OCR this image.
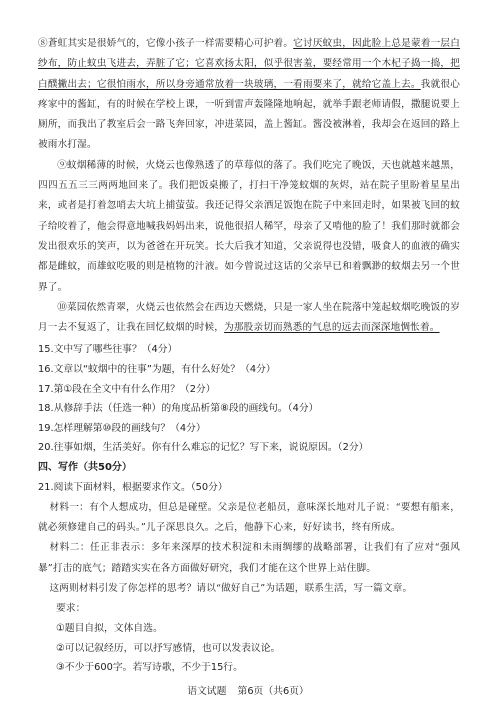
⑧蒼虹其实是很娇气的，它像小孩子一样需要精心可护着。它讨厌蚊虫，因此脸上总是蒙着一层白纱布，防止蚊虫飞进去，弄脏了它；它喜欢扬太阳，似乎很害羞，要经常用一个木杞子捣一捣，把白醭撇出去；它很怕雨水，所以身旁通常放着一块玻璃，一看雨要来了，就给它盖上去。我就很心疼家中的酱缸，有的时候在学校上课，一听到雷声轰隆隆地响起，就举手跟老师请假，撒腿说要上厕所，而我出了教室后会一路飞奔回家，冲进菜园，盖上酱缸。酱没被淋着，我却会在返回的路上被雨水打湿。

⑨蚊烟稀薄的时候，火烧云也像熟透了的草莓似的落了。我们吃完了晚饭，天也就越来越黑，四四五五三三两两地回来了。我们把饭桌搬了，打扫干净笼蚊烟的灰烬，站在院子里盼着星星出来，或者是打着忽哨去大坑上捕萤萤。我还记得父亲洒足饭饱在院子中来回走时，如果被飞回的蚊子给咬着了，他会得意地喊我妈妈出来，说他很招人稀罕，母亲了又啃他的脸了！我们那时就都会发出很欢乐的笑声，以为爸爸在开玩笑。长大后我才知道，父亲说得也没错，吸食人的血液的确实都是雌蚊，而雄蚊吃吸的则是植物的汁液。如今曾说过这话的父亲早已和着飘渺的蚊烟去另一个世界了。

⑩菜园依然青翠，火烧云也依然会在西边天燃烧，只是一家人坐在院落中笼起蚊烟吃晚饭的岁月一去不复返了，让我在回忆蚊烟的时候，为那股亲切而熟悉的气息的远去而深深地惆怅着。

15.文中写了哪些往事？（4分）

16.文章以“蚊烟中的往事”为题，有什么好处？（4分）

17.第①段在全文中有什么作用？（2分）

18.从修辞手法（任选一种）的角度品析第⑧段的画线句。（4分）

19.怎样理解第⑩段的画线句？（4分）

20.往事如烟，生活美好。你有什么难忘的记忆？写下来，说说原因。（2分）

四、写作（共50分）

21.阅读下面材料，根据要求作文。（50分）

材料一：有个人想成功，但总是碰壁。父亲是位老船员，意味深长地对儿子说：“要想有船来，就必须修建自己的码头。”儿子深思良久。之后，他静下心来，好好读书，终有所成。

材料二：任正非表示：多年来深厚的技术积淀和未雨绸缪的战略部署，让我们有了应对“强风暴”打击的底气；踏踏实实在各方面做好研究，我们才能在这个世界上站住脚。

这两则材料引发了你怎样的思考？请以“做好自己”为话题，联系生活，写一篇文章。

要求：

①题目自拟，文体自选。

②可以记叙经历，可以抒写感情，也可以发表议论。

③不少于600字。若写诗歌，不少于15行。

语文试题 第6页（共6页）
